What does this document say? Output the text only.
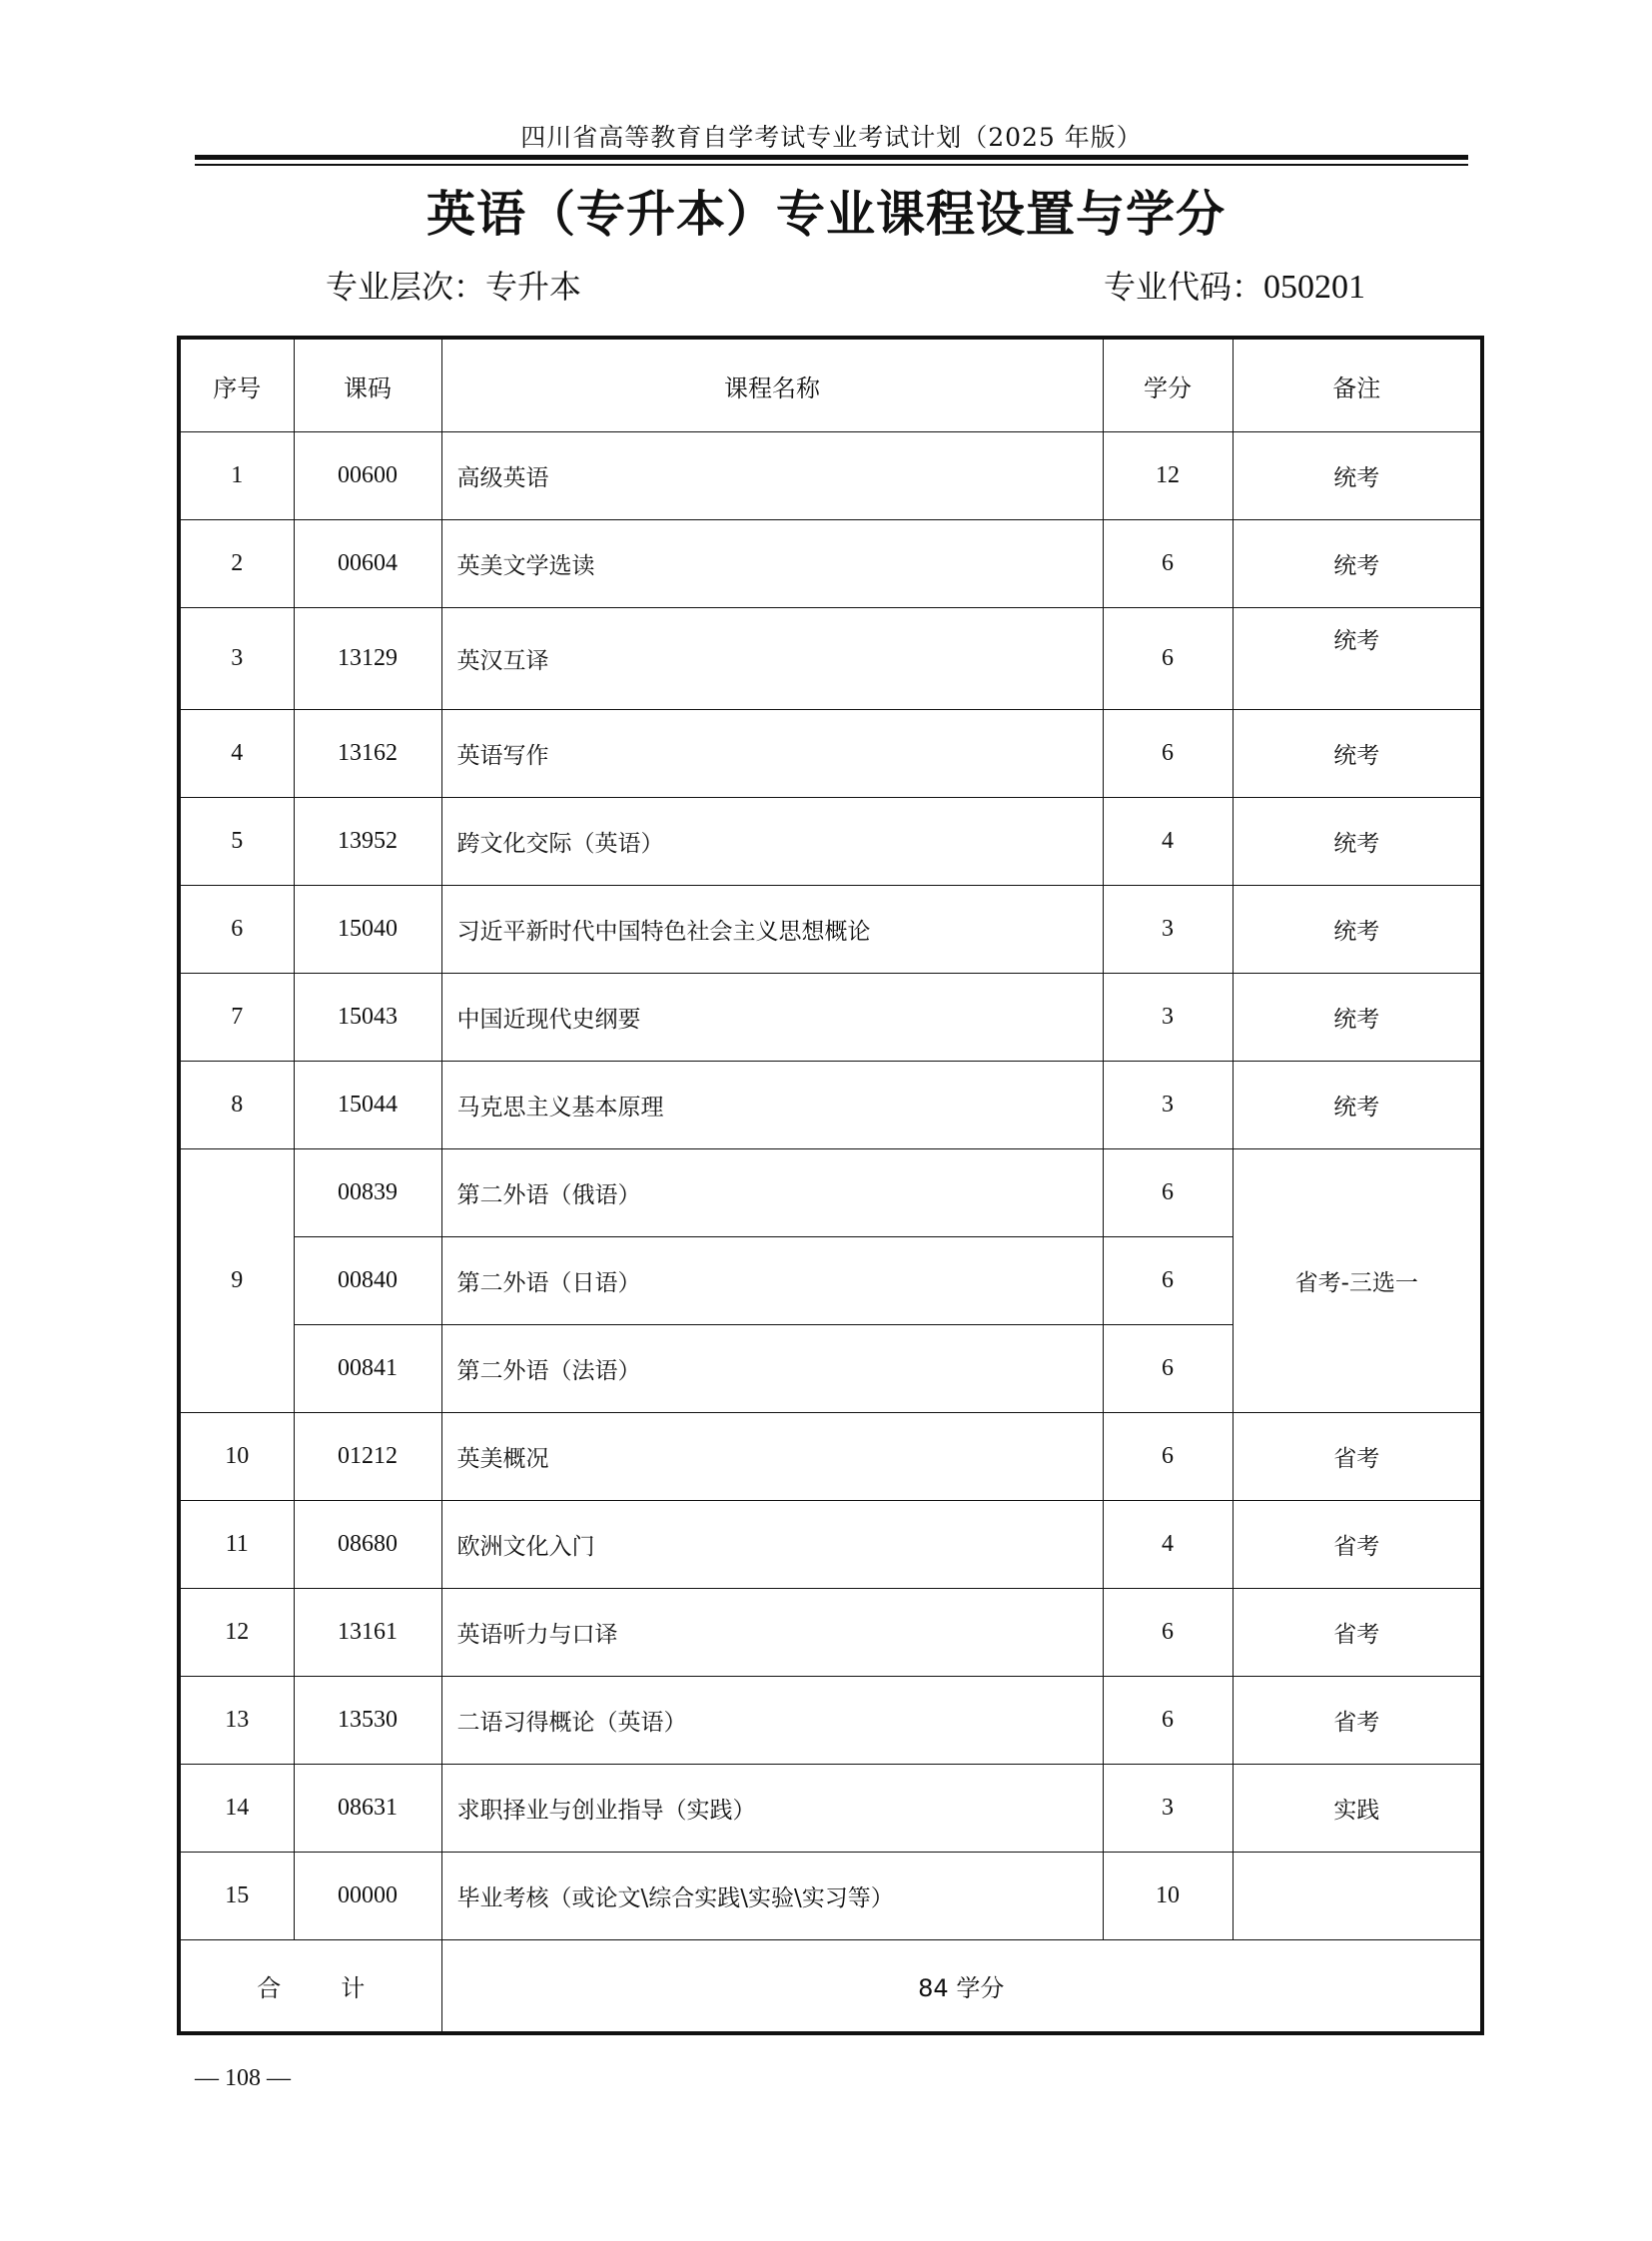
四川省高等教育自学考试专业考试计划（2025 年版）
英语（专升本）专业课程设置与学分
专业层次：专升本	专业代码：050201
序号	课码	课程名称	学分	备注
1	00600	高级英语	12	统考
2	00604	英美文学选读	6	统考
3	13129	英汉互译	6	统考
4	13162	英语写作	6	统考
5	13952	跨文化交际（英语）	4	统考
6	15040	习近平新时代中国特色社会主义思想概论	3	统考
7	15043	中国近现代史纲要	3	统考
8	15044	马克思主义基本原理	3	统考
9	00839	第二外语（俄语）	6	省考-三选一
	00840	第二外语（日语）	6	
	00841	第二外语（法语）	6	
10	01212	英美概况	6	省考
11	08680	欧洲文化入门	4	省考
12	13161	英语听力与口译	6	省考
13	13530	二语习得概论（英语）	6	省考
14	08631	求职择业与创业指导（实践）	3	实践
15	00000	毕业考核（或论文\综合实践\实验\实习等）	10	
合计		84 学分		
— 108 —
